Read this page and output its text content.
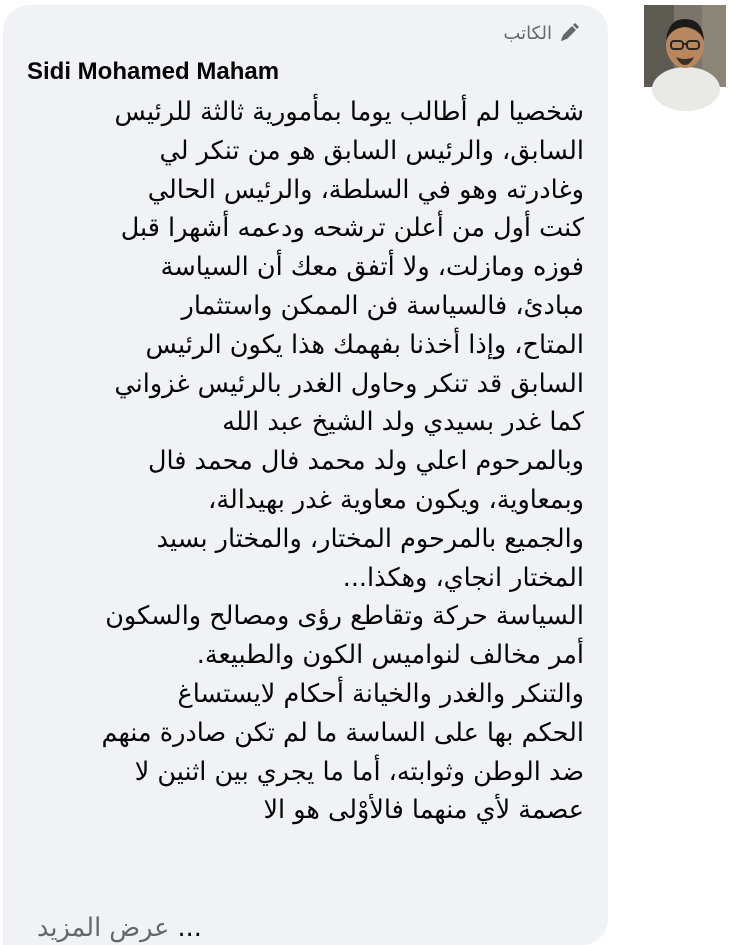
الكاتب
Sidi Mohamed Maham
شخصيا لم أطالب يوما بمأمورية ثالثة للرئيس
السابق، والرئيس السابق هو من تنكر لي
وغادرته وهو في السلطة، والرئيس الحالي
كنت أول من أعلن ترشحه ودعمه أشهرا قبل
فوزه ومازلت، ولا أتفق معك أن السياسة
مبادئ، فالسياسة فن الممكن واستثمار
المتاح، وإذا أخذنا بفهمك هذا يكون الرئيس
السابق قد تنكر وحاول الغدر بالرئيس غزواني
كما غدر بسيدي ولد الشيخ عبد الله
وبالمرحوم اعلي ولد محمد فال محمد فال
وبمعاوية، ويكون معاوية غدر بهيدالة،
والجميع بالمرحوم المختار، والمختار بسيد
المختار انجاي، وهكذا...
السياسة حركة وتقاطع رؤى ومصالح والسكون
أمر مخالف لنواميس الكون والطبيعة.
والتنكر والغدر والخيانة أحكام لايستساغ
الحكم بها على الساسة ما لم تكن صادرة منهم
ضد الوطن وثوابته، أما ما يجري بين اثنين لا
عصمة لأي منهما فالأوْلى هو الا
... عرض المزيد
